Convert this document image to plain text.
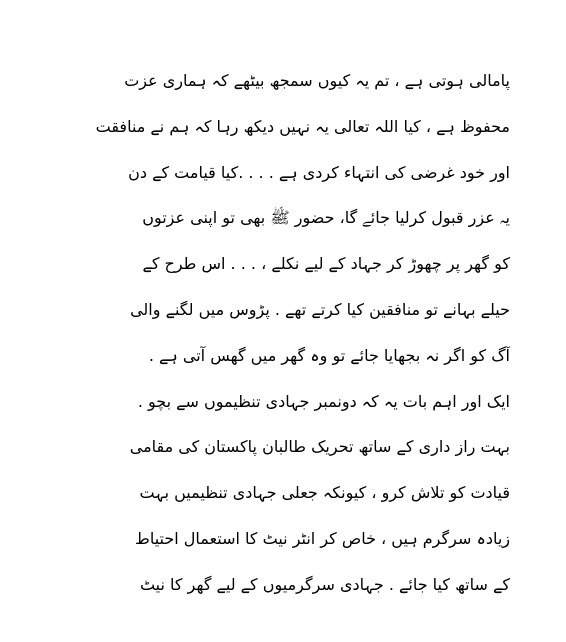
پامالی ہوتی ہے ، تم یہ کیوں سمجھ بیٹھے کہ ہماری عزت
محفوظ ہے ، کیا اللہ تعالی یہ نہیں دیکھ رہا کہ ہم نے منافقت
اور خود غرضی کی انتہاء کردی ہے . . . .کیا قیامت کے دن
یہ عزر قبول کرلیا جائے گا، حضور ﷺ بھی تو اپنی عزتوں
کو گھر پر چھوڑ کر جہاد کے لیے نکلے ، . . . اس طرح کے
حیلے بہانے تو منافقین کیا کرتے تھے . پڑوس میں لگنے والی
آگ کو اگر نہ بجھایا جائے تو وہ گھر میں گھس آتی ہے .
ایک اور اہم بات یہ کہ دونمبر جہادی تنظیموں سے بچو .
بہت راز داری کے ساتھ تحریک طالبان پاکستان کی مقامی
قیادت کو تلاش کرو ، کیونکہ جعلی جہادی تنظیمیں بہت
زیادہ سرگرم ہیں ، خاص کر انٹر نیٹ کا استعمال احتیاط
کے ساتھ کیا جائے . جہادی سرگرمیوں کے لیے گھر کا نیٹ
